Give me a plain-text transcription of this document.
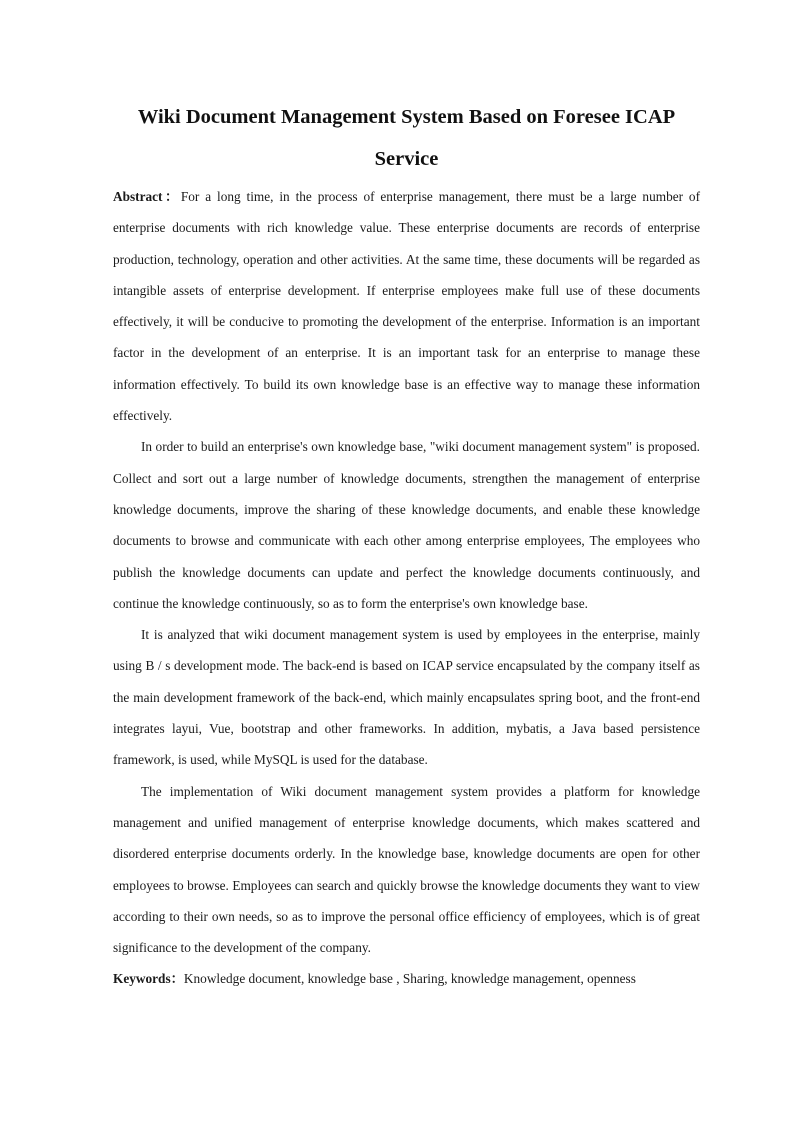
Wiki Document Management System Based on Foresee ICAP Service

Abstract：For a long time, in the process of enterprise management, there must be a large number of enterprise documents with rich knowledge value. These enterprise documents are records of enterprise production, technology, operation and other activities. At the same time, these documents will be regarded as intangible assets of enterprise development. If enterprise employees make full use of these documents effectively, it will be conducive to promoting the development of the enterprise. Information is an important factor in the development of an enterprise. It is an important task for an enterprise to manage these information effectively. To build its own knowledge base is an effective way to manage these information effectively.

In order to build an enterprise's own knowledge base, "wiki document management system" is proposed. Collect and sort out a large number of knowledge documents, strengthen the management of enterprise knowledge documents, improve the sharing of these knowledge documents, and enable these knowledge documents to browse and communicate with each other among enterprise employees, The employees who publish the knowledge documents can update and perfect the knowledge documents continuously, and continue the knowledge continuously, so as to form the enterprise's own knowledge base.

It is analyzed that wiki document management system is used by employees in the enterprise, mainly using B / s development mode. The back-end is based on ICAP service encapsulated by the company itself as the main development framework of the back-end, which mainly encapsulates spring boot, and the front-end integrates layui, Vue, bootstrap and other frameworks. In addition, mybatis, a Java based persistence framework, is used, while MySQL is used for the database.

The implementation of Wiki document management system provides a platform for knowledge management and unified management of enterprise knowledge documents, which makes scattered and disordered enterprise documents orderly. In the knowledge base, knowledge documents are open for other employees to browse. Employees can search and quickly browse the knowledge documents they want to view according to their own needs, so as to improve the personal office efficiency of employees, which is of great significance to the development of the company.

Keywords：Knowledge document, knowledge base , Sharing, knowledge management, openness
